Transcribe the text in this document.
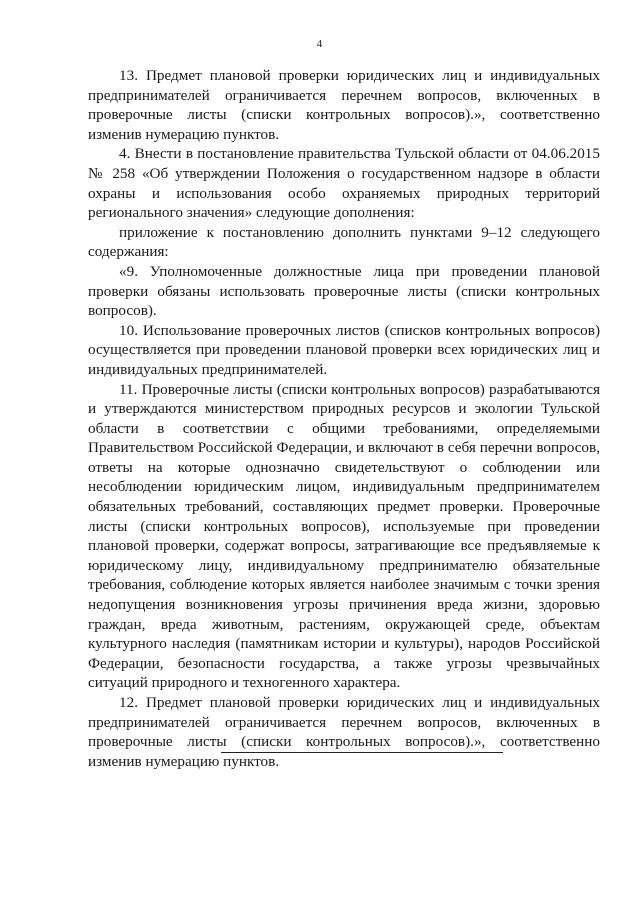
4

13. Предмет плановой проверки юридических лиц и индивидуальных предпринимателей ограничивается перечнем вопросов, включенных в проверочные листы (списки контрольных вопросов).», соответственно изменив нумерацию пунктов.

4. Внести в постановление правительства Тульской области от 04.06.2015 № 258 «Об утверждении Положения о государственном надзоре в области охраны и использования особо охраняемых природных территорий регионального значения» следующие дополнения:

приложение к постановлению дополнить пунктами 9–12 следующего содержания:

«9. Уполномоченные должностные лица при проведении плановой проверки обязаны использовать проверочные листы (списки контрольных вопросов).

10. Использование проверочных листов (списков контрольных вопросов) осуществляется при проведении плановой проверки всех юридических лиц и индивидуальных предпринимателей.

11. Проверочные листы (списки контрольных вопросов) разрабатываются и утверждаются министерством природных ресурсов и экологии Тульской области в соответствии с общими требованиями, определяемыми Правительством Российской Федерации, и включают в себя перечни вопросов, ответы на которые однозначно свидетельствуют о соблюдении или несоблюдении юридическим лицом, индивидуальным предпринимателем обязательных требований, составляющих предмет проверки. Проверочные листы (списки контрольных вопросов), используемые при проведении плановой проверки, содержат вопросы, затрагивающие все предъявляемые к юридическому лицу, индивидуальному предпринимателю обязательные требования, соблюдение которых является наиболее значимым с точки зрения недопущения возникновения угрозы причинения вреда жизни, здоровью граждан, вреда животным, растениям, окружающей среде, объектам культурного наследия (памятникам истории и культуры), народов Российской Федерации, безопасности государства, а также угрозы чрезвычайных ситуаций природного и техногенного характера.

12. Предмет плановой проверки юридических лиц и индивидуальных предпринимателей ограничивается перечнем вопросов, включенных в проверочные листы (списки контрольных вопросов).», соответственно изменив нумерацию пунктов.
